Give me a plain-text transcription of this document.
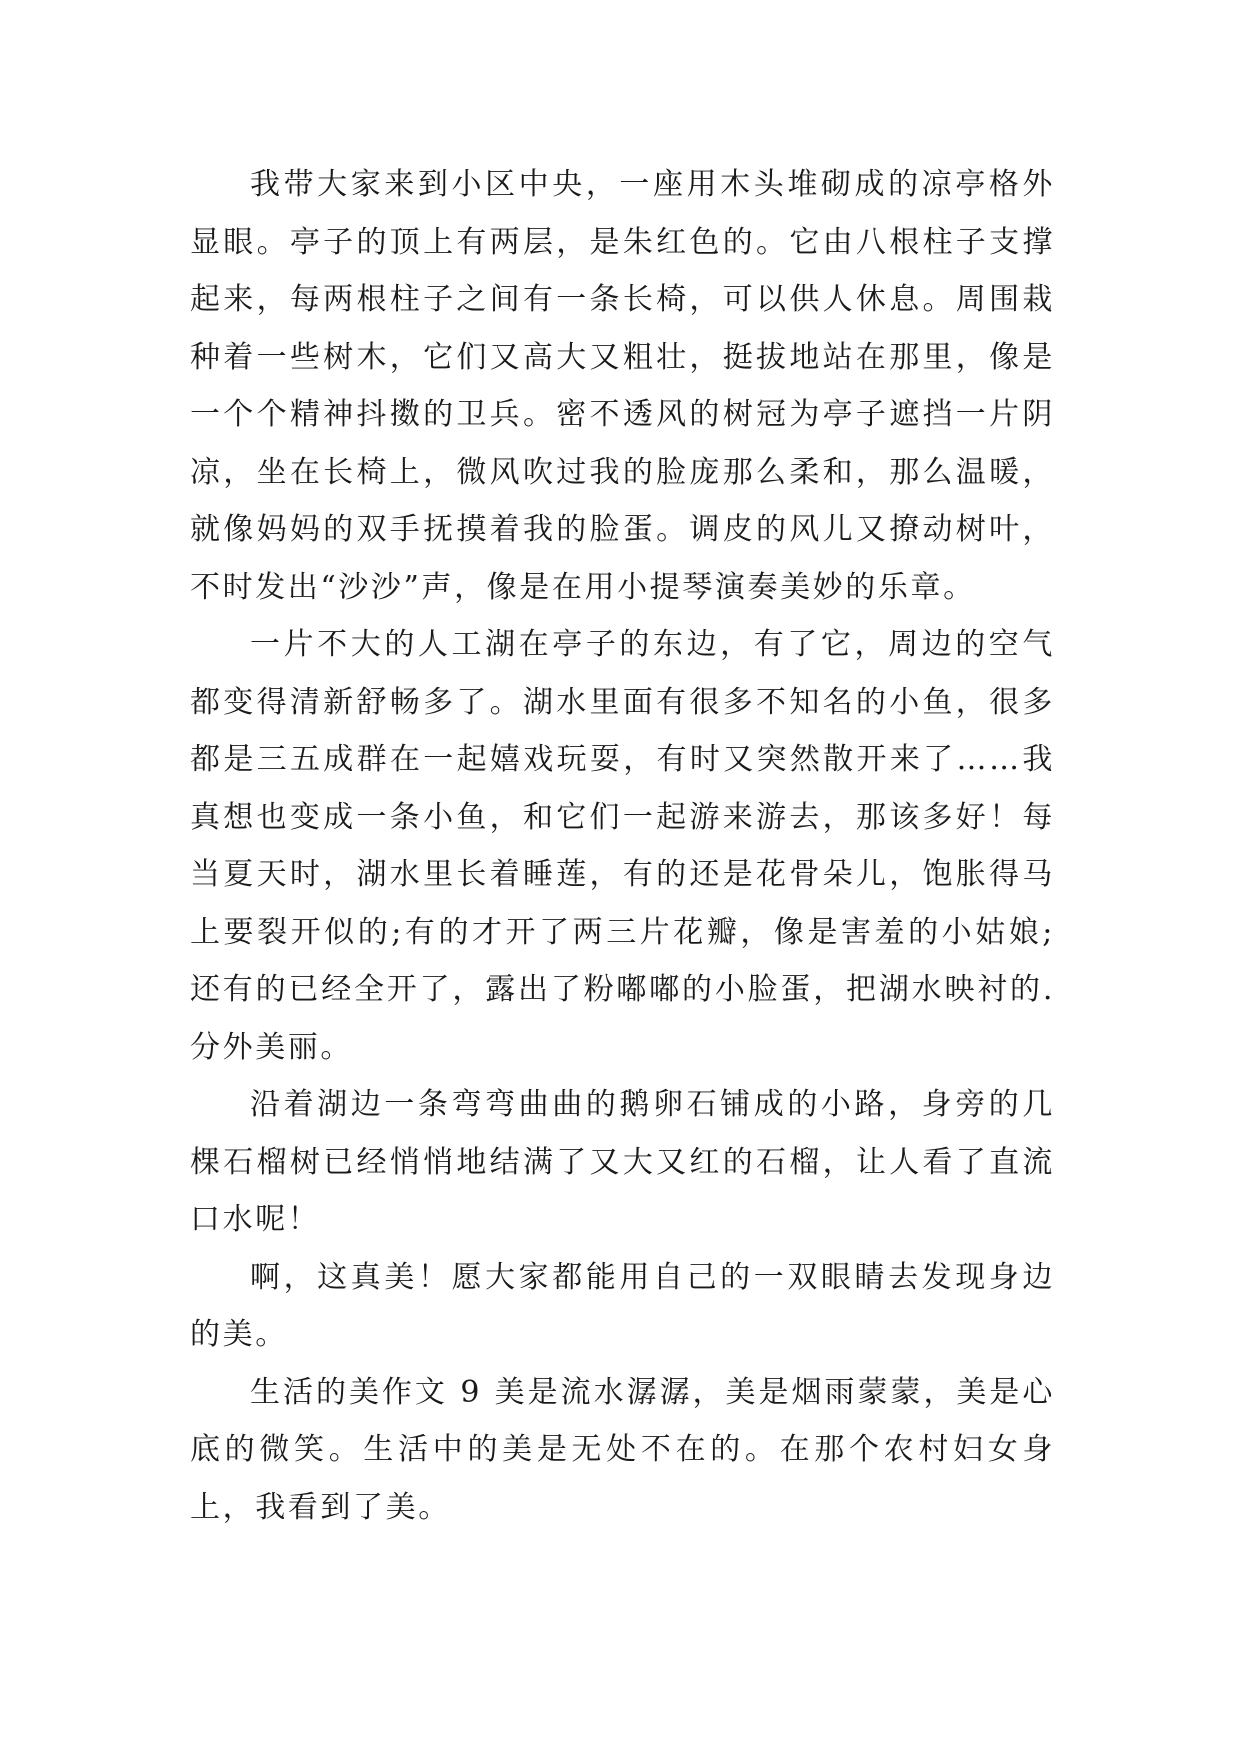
我带大家来到小区中央，一座用木头堆砌成的凉亭格外显眼。亭子的顶上有两层，是朱红色的。它由八根柱子支撑起来，每两根柱子之间有一条长椅，可以供人休息。周围栽种着一些树木，它们又高大又粗壮，挺拔地站在那里，像是一个个精神抖擞的卫兵。密不透风的树冠为亭子遮挡一片阴凉，坐在长椅上，微风吹过我的脸庞那么柔和，那么温暖，就像妈妈的双手抚摸着我的脸蛋。调皮的风儿又撩动树叶，不时发出“沙沙”声，像是在用小提琴演奏美妙的乐章。

一片不大的人工湖在亭子的东边，有了它，周边的空气都变得清新舒畅多了。湖水里面有很多不知名的小鱼，很多都是三五成群在一起嬉戏玩耍，有时又突然散开来了……我真想也变成一条小鱼，和它们一起游来游去，那该多好！每当夏天时，湖水里长着睡莲，有的还是花骨朵儿，饱胀得马上要裂开似的;有的才开了两三片花瓣，像是害羞的小姑娘;还有的已经全开了，露出了粉嘟嘟的小脸蛋，把湖水映衬的.分外美丽。

沿着湖边一条弯弯曲曲的鹅卵石铺成的小路，身旁的几棵石榴树已经悄悄地结满了又大又红的石榴，让人看了直流口水呢！

啊，这真美！愿大家都能用自己的一双眼睛去发现身边的美。

生活的美作文 9 美是流水潺潺，美是烟雨蒙蒙，美是心底的微笑。生活中的美是无处不在的。在那个农村妇女身上，我看到了美。
